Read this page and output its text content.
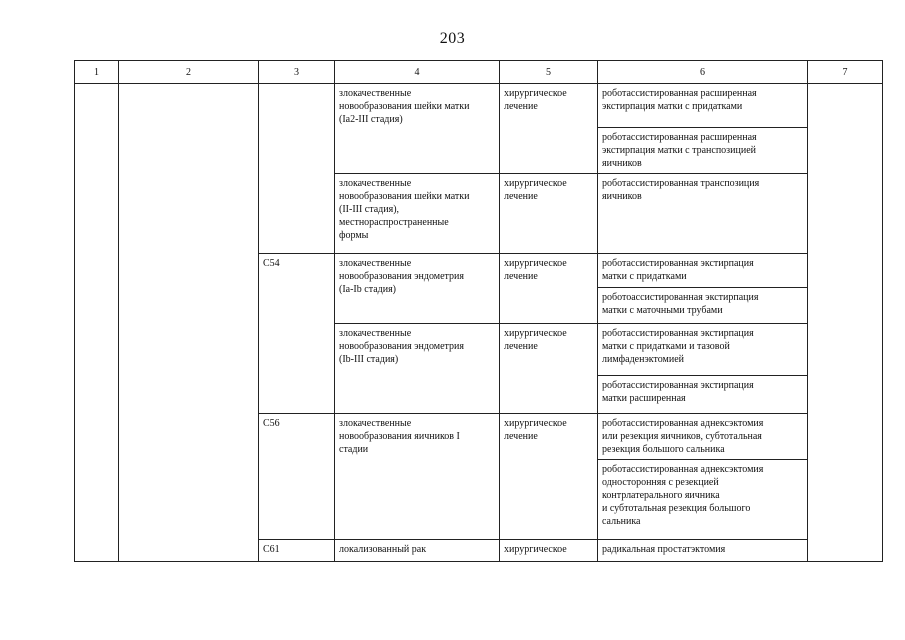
203
1	2	3	4	5	6	7

			злокачественные
новообразования шейки матки
(Ia2-III стадия)	хирургическое
лечение	роботассистированная расширенная
экстирпация матки с придатками	

					роботассистированная расширенная
экстирпация матки с транспозицией
яичников	

			злокачественные
новообразования шейки матки
(II-III стадия),
местнораспространенные
формы	хирургическое
лечение	роботассистированная транспозиция
яичников	

		C54	злокачественные
новообразования эндометрия
(Ia-Ib стадия)	хирургическое
лечение	роботассистированная экстирпация
матки с придатками	

					роботоассистированная экстирпация
матки с маточными трубами	

			злокачественные
новообразования эндометрия
(Ib-III стадия)	хирургическое
лечение	роботассистированная экстирпация
матки с придатками и тазовой
лимфаденэктомией	

					роботассистированная экстирпация
матки расширенная	

		C56	злокачественные
новообразования яичников I
стадии	хирургическое
лечение	роботассистированная аднексэктомия
или резекция яичников, субтотальная
резекция большого сальника	

					роботассистированная аднексэктомия
односторонняя с резекцией
контрлатерального яичника
и субтотальная резекция большого
сальника	

		C61	локализованный рак	хирургическое	радикальная простатэктомия	
